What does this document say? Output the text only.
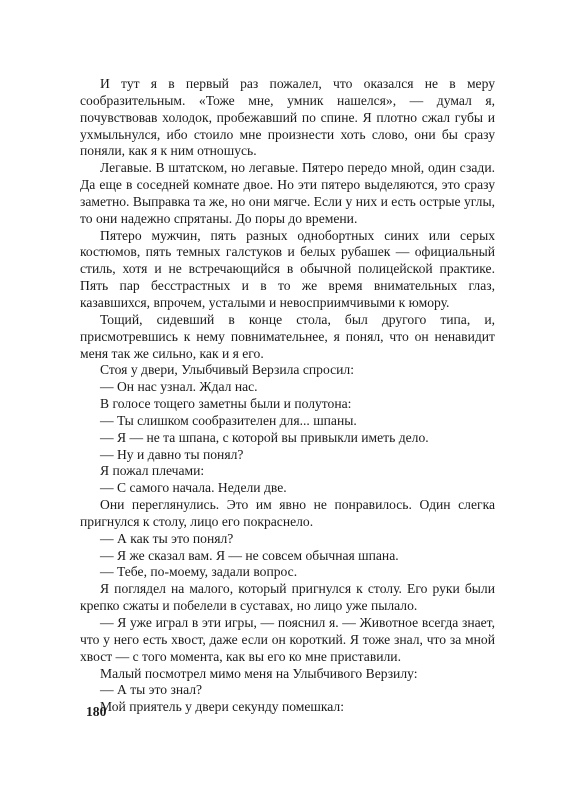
И тут я в первый раз пожалел, что оказался не в меру сообразительным. «Тоже мне, умник нашелся», — думал я, почувствовав холодок, пробежавший по спине. Я плотно сжал губы и ухмыльнулся, ибо стоило мне произнести хоть слово, они бы сразу поняли, как я к ним отношусь.

Легавые. В штатском, но легавые. Пятеро передо мной, один сзади. Да еще в соседней комнате двое. Но эти пятеро выделяются, это сразу заметно. Выправка та же, но они мягче. Если у них и есть острые углы, то они надежно спрятаны. До поры до времени.

Пятеро мужчин, пять разных однобортных синих или серых костюмов, пять темных галстуков и белых рубашек — официальный стиль, хотя и не встречающийся в обычной полицейской практике. Пять пар бесстрастных и в то же время внимательных глаз, казавшихся, впрочем, усталыми и невосприимчивыми к юмору.

Тощий, сидевший в конце стола, был другого типа, и, присмотревшись к нему повнимательнее, я понял, что он ненавидит меня так же сильно, как и я его.

Стоя у двери, Улыбчивый Верзила спросил:

— Он нас узнал. Ждал нас.

В голосе тощего заметны были и полутона:

— Ты слишком сообразителен для... шпаны.

— Я — не та шпана, с которой вы привыкли иметь дело.

— Ну и давно ты понял?

Я пожал плечами:

— С самого начала. Недели две.

Они переглянулись. Это им явно не понравилось. Один слегка пригнулся к столу, лицо его покраснело.

— А как ты это понял?

— Я же сказал вам. Я — не совсем обычная шпана.

— Тебе, по-моему, задали вопрос.

Я поглядел на малого, который пригнулся к столу. Его руки были крепко сжаты и побелели в суставах, но лицо уже пылало.

— Я уже играл в эти игры, — пояснил я. — Животное всегда знает, что у него есть хвост, даже если он короткий. Я тоже знал, что за мной хвост — с того момента, как вы его ко мне приставили.

Малый посмотрел мимо меня на Улыбчивого Верзилу:

— А ты это знал?

Мой приятель у двери секунду помешкал:

180
